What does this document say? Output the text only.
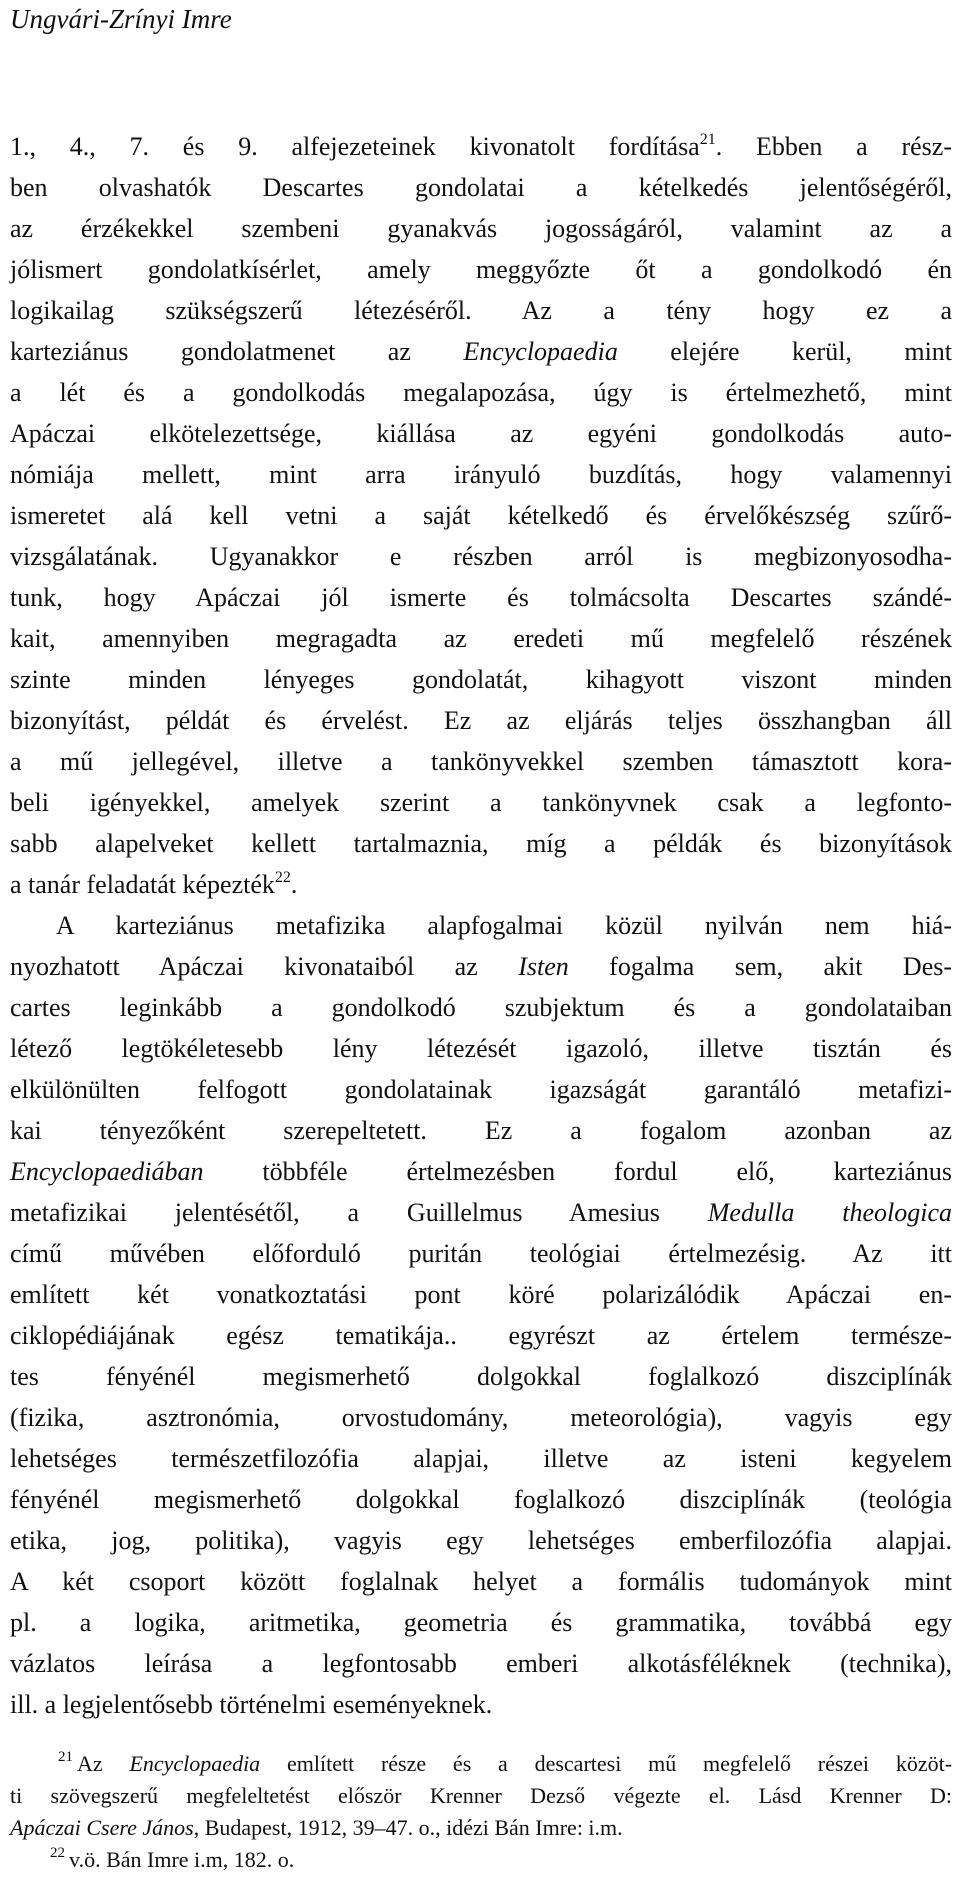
Ungvári-Zrínyi Imre
1., 4., 7. és 9. alfejezeteinek kivonatolt fordítása$^{21}$. Ebben a rész-
ben olvashatók Descartes gondolatai a kételkedés jelentőségéről,
az érzékekkel szembeni gyanakvás jogosságáról, valamint az a
jólismert gondolatkísérlet, amely meggyőzte őt a gondolkodó én
logikailag szükségszerű létezéséről. Az a tény hogy ez a
karteziánus gondolatmenet az Encyclopaedia elejére kerül, mint
a lét és a gondolkodás megalapozása, úgy is értelmezhető, mint
Apáczai elkötelezettsége, kiállása az egyéni gondolkodás auto-
nómiája mellett, mint arra irányuló buzdítás, hogy valamennyi
ismeretet alá kell vetni a saját kételkedő és érvelőkészség szűrő-
vizsgálatának. Ugyanakkor e részben arról is megbizonyosodha-
tunk, hogy Apáczai jól ismerte és tolmácsolta Descartes szándé-
kait, amennyiben megragadta az eredeti mű megfelelő részének
szinte minden lényeges gondolatát, kihagyott viszont minden
bizonyítást, példát és érvelést. Ez az eljárás teljes összhangban áll
a mű jellegével, illetve a tankönyvekkel szemben támasztott kora-
beli igényekkel, amelyek szerint a tankönyvnek csak a legfonto-
sabb alapelveket kellett tartalmaznia, míg a példák és bizonyítások
a tanár feladatát képezték$^{22}$.
A karteziánus metafizika alapfogalmai közül nyilván nem hiá-
nyozhatott Apáczai kivonataiból az Isten fogalma sem, akit Des-
cartes leginkább a gondolkodó szubjektum és a gondolataiban
létező legtökéletesebb lény létezését igazoló, illetve tisztán és
elkülönülten felfogott gondolatainak igazságát garantáló metafizi-
kai tényezőként szerepeltetett. Ez a fogalom azonban az
Encyclopaediában többféle értelmezésben fordul elő, karteziánus
metafizikai jelentésétől, a Guillelmus Amesius Medulla theologica
című művében előforduló puritán teológiai értelmezésig. Az itt
említett két vonatkoztatási pont köré polarizálódik Apáczai en-
ciklopédiájának egész tematikája.. egyrészt az értelem természe-
tes fényénél megismerhető dolgokkal foglalkozó diszciplínák
(fizika, asztronómia, orvostudomány, meteorológia), vagyis egy
lehetséges természetfilozófia alapjai, illetve az isteni kegyelem
fényénél megismerhető dolgokkal foglalkozó diszciplínák (teológia
etika, jog, politika), vagyis egy lehetséges emberfilozófia alapjai.
A két csoport között foglalnak helyet a formális tudományok mint
pl. a logika, aritmetika, geometria és grammatika, továbbá egy
vázlatos leírása a legfontosabb emberi alkotásféléknek (technika),
ill. a legjelentősebb történelmi eseményeknek.
$^{21}$ Az Encyclopaedia említett része és a descartesi mű megfelelő részei közöt-
ti szövegszerű megfeleltetést először Krenner Dezső végezte el. Lásd Krenner D:
Apáczai Csere János, Budapest, 1912, 39–47. o., idézi Bán Imre: i.m.
$^{22}$ v.ö. Bán Imre i.m, 182. o.
